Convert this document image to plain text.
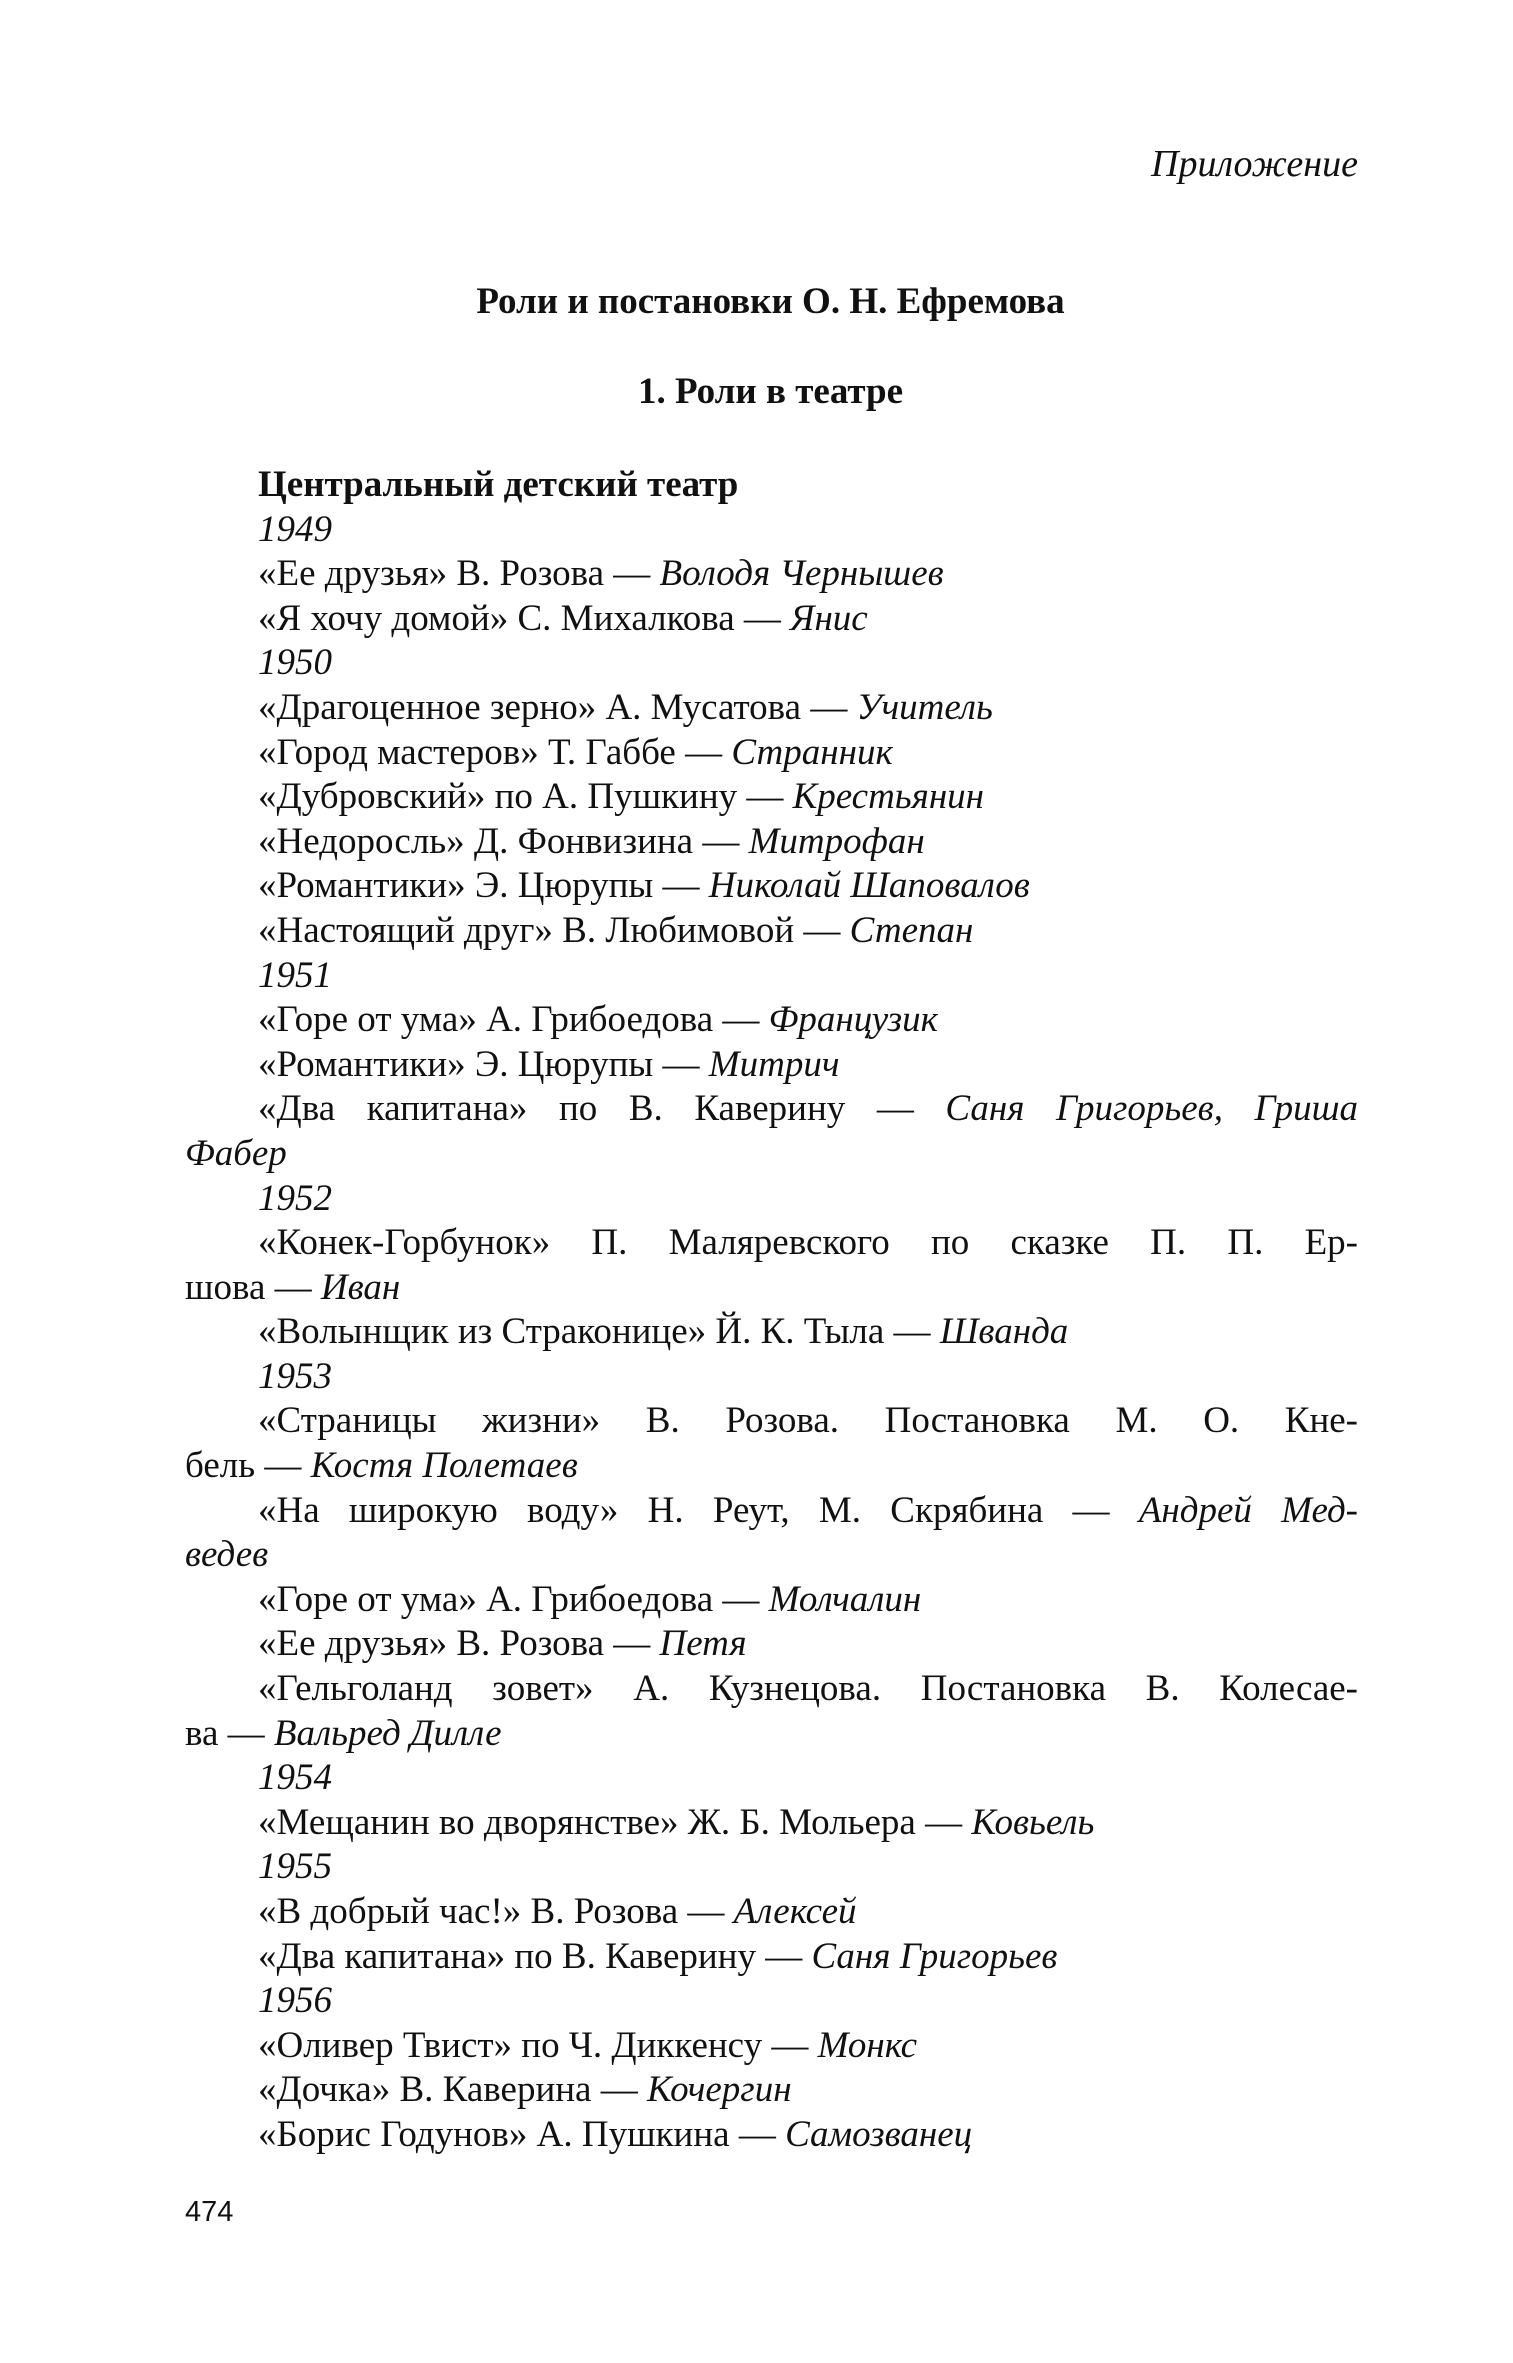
Приложение
Роли и постановки О. Н. Ефремова
1. Роли в театре
Центральный детский театр
1949
«Ее друзья» В. Розова — Володя Чернышев
«Я хочу домой» С. Михалкова — Янис
1950
«Драгоценное зерно» А. Мусатова — Учитель
«Город мастеров» Т. Габбе — Странник
«Дубровский» по А. Пушкину — Крестьянин
«Недоросль» Д. Фонвизина — Митрофан
«Романтики» Э. Цюрупы — Николай Шаповалов
«Настоящий друг» В. Любимовой — Степан
1951
«Горе от ума» А. Грибоедова — Французик
«Романтики» Э. Цюрупы — Митрич
«Два капитана» по В. Каверину — Саня Григорьев, Гриша
Фабер
1952
«Конек-Горбунок» П. Маляревского по сказке П. П. Ер-
шова — Иван
«Волынщик из Страконице» Й. К. Тыла — Шванда
1953
«Страницы жизни» В. Розова. Постановка М. О. Кне-
бель — Костя Полетаев
«На широкую воду» Н. Реут, М. Скрябина — Андрей Мед-
ведев
«Горе от ума» А. Грибоедова — Молчалин
«Ее друзья» В. Розова — Петя
«Гельголанд зовет» А. Кузнецова. Постановка В. Колесае-
ва — Вальред Дилле
1954
«Мещанин во дворянстве» Ж. Б. Мольера — Ковьель
1955
«В добрый час!» В. Розова — Алексей
«Два капитана» по В. Каверину — Саня Григорьев
1956
«Оливер Твист» по Ч. Диккенсу — Монкс
«Дочка» В. Каверина — Кочергин
«Борис Годунов» А. Пушкина — Самозванец
474
